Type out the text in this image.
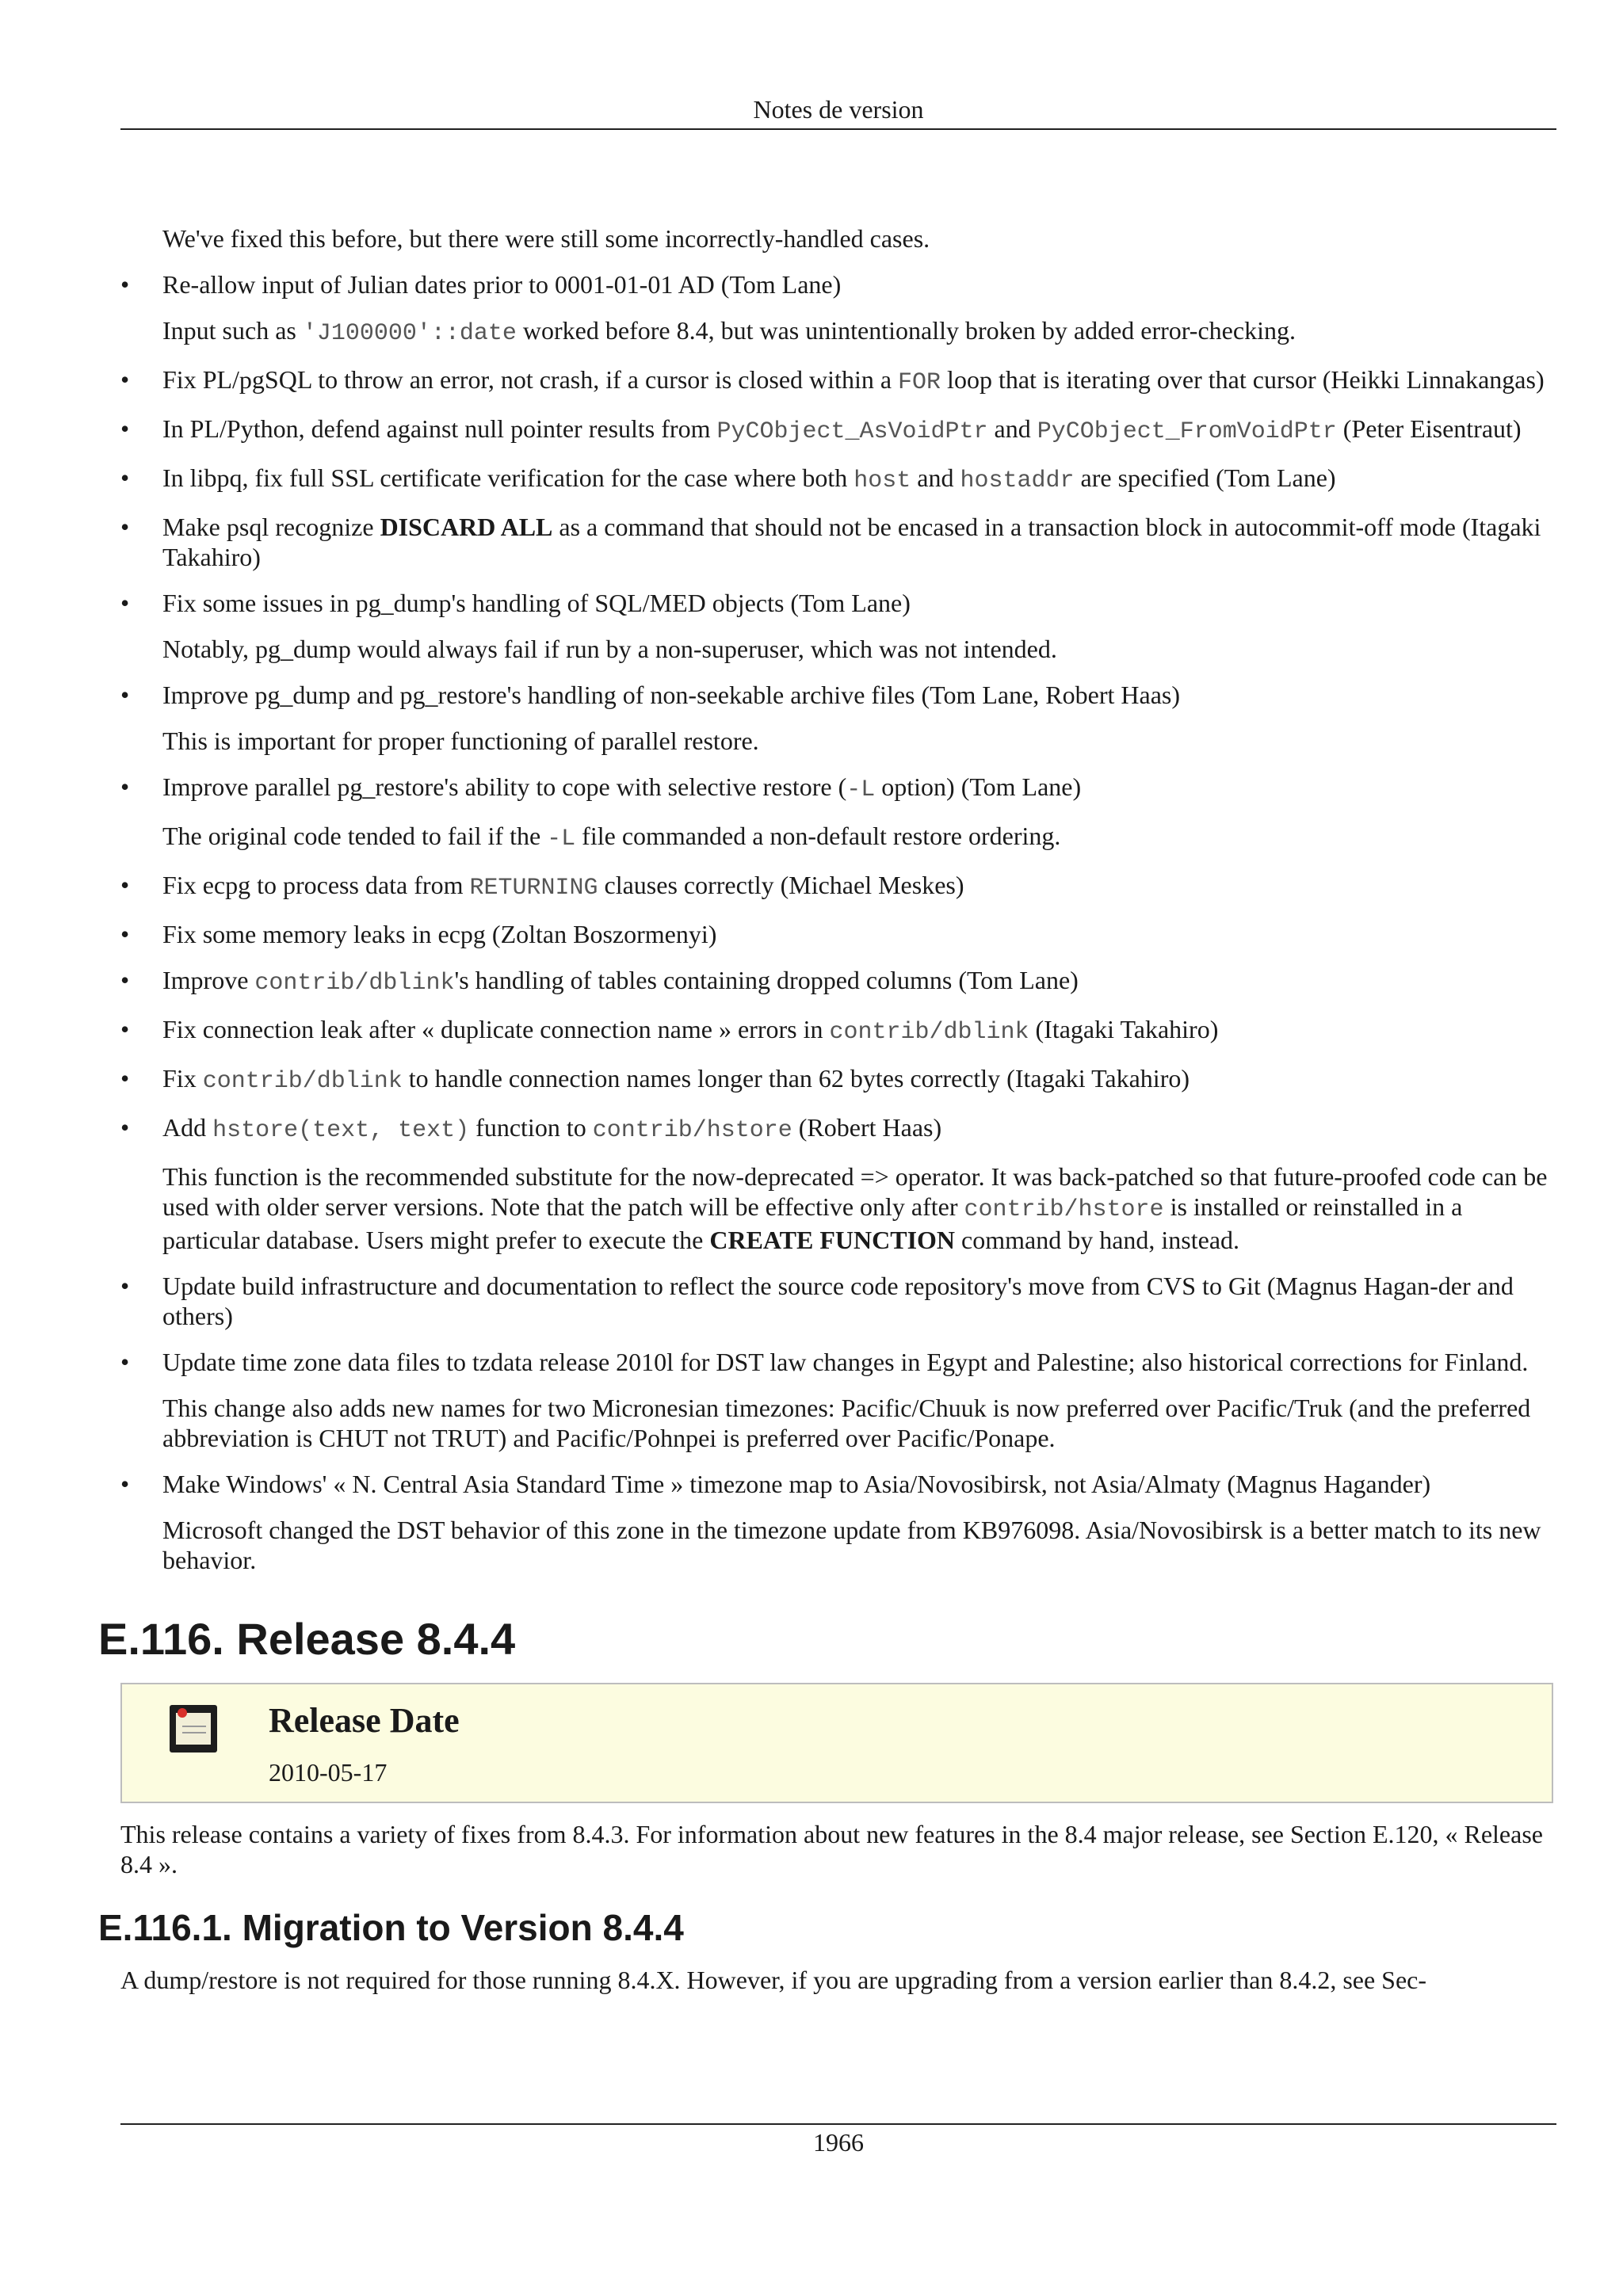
Notes de version

We've fixed this before, but there were still some incorrectly-handled cases.

• Re-allow input of Julian dates prior to 0001-01-01 AD (Tom Lane)

Input such as 'J100000'::date worked before 8.4, but was unintentionally broken by added error-checking.

• Fix PL/pgSQL to throw an error, not crash, if a cursor is closed within a FOR loop that is iterating over that cursor (Heikki Linnakangas)

• In PL/Python, defend against null pointer results from PyCObject_AsVoidPtr and PyCObject_FromVoidPtr (Peter Eisentraut)

• In libpq, fix full SSL certificate verification for the case where both host and hostaddr are specified (Tom Lane)

• Make psql recognize DISCARD ALL as a command that should not be encased in a transaction block in autocommit-off mode (Itagaki Takahiro)

• Fix some issues in pg_dump's handling of SQL/MED objects (Tom Lane)

Notably, pg_dump would always fail if run by a non-superuser, which was not intended.

• Improve pg_dump and pg_restore's handling of non-seekable archive files (Tom Lane, Robert Haas)

This is important for proper functioning of parallel restore.

• Improve parallel pg_restore's ability to cope with selective restore (-L option) (Tom Lane)

The original code tended to fail if the -L file commanded a non-default restore ordering.

• Fix ecpg to process data from RETURNING clauses correctly (Michael Meskes)

• Fix some memory leaks in ecpg (Zoltan Boszormenyi)

• Improve contrib/dblink's handling of tables containing dropped columns (Tom Lane)

• Fix connection leak after « duplicate connection name » errors in contrib/dblink (Itagaki Takahiro)

• Fix contrib/dblink to handle connection names longer than 62 bytes correctly (Itagaki Takahiro)

• Add hstore(text, text) function to contrib/hstore (Robert Haas)

This function is the recommended substitute for the now-deprecated => operator. It was back-patched so that future-proofed code can be used with older server versions. Note that the patch will be effective only after contrib/hstore is installed or reinstalled in a particular database. Users might prefer to execute the CREATE FUNCTION command by hand, instead.

• Update build infrastructure and documentation to reflect the source code repository's move from CVS to Git (Magnus Hagan-der and others)

• Update time zone data files to tzdata release 2010l for DST law changes in Egypt and Palestine; also historical corrections for Finland.

This change also adds new names for two Micronesian timezones: Pacific/Chuuk is now preferred over Pacific/Truk (and the preferred abbreviation is CHUT not TRUT) and Pacific/Pohnpei is preferred over Pacific/Ponape.

• Make Windows' « N. Central Asia Standard Time » timezone map to Asia/Novosibirsk, not Asia/Almaty (Magnus Hagander)

Microsoft changed the DST behavior of this zone in the timezone update from KB976098. Asia/Novosibirsk is a better match to its new behavior.

E.116. Release 8.4.4
Release Date
2010-05-17

This release contains a variety of fixes from 8.4.3. For information about new features in the 8.4 major release, see Section E.120, « Release 8.4 ».

E.116.1. Migration to Version 8.4.4

A dump/restore is not required for those running 8.4.X. However, if you are upgrading from a version earlier than 8.4.2, see Sec-

1966
